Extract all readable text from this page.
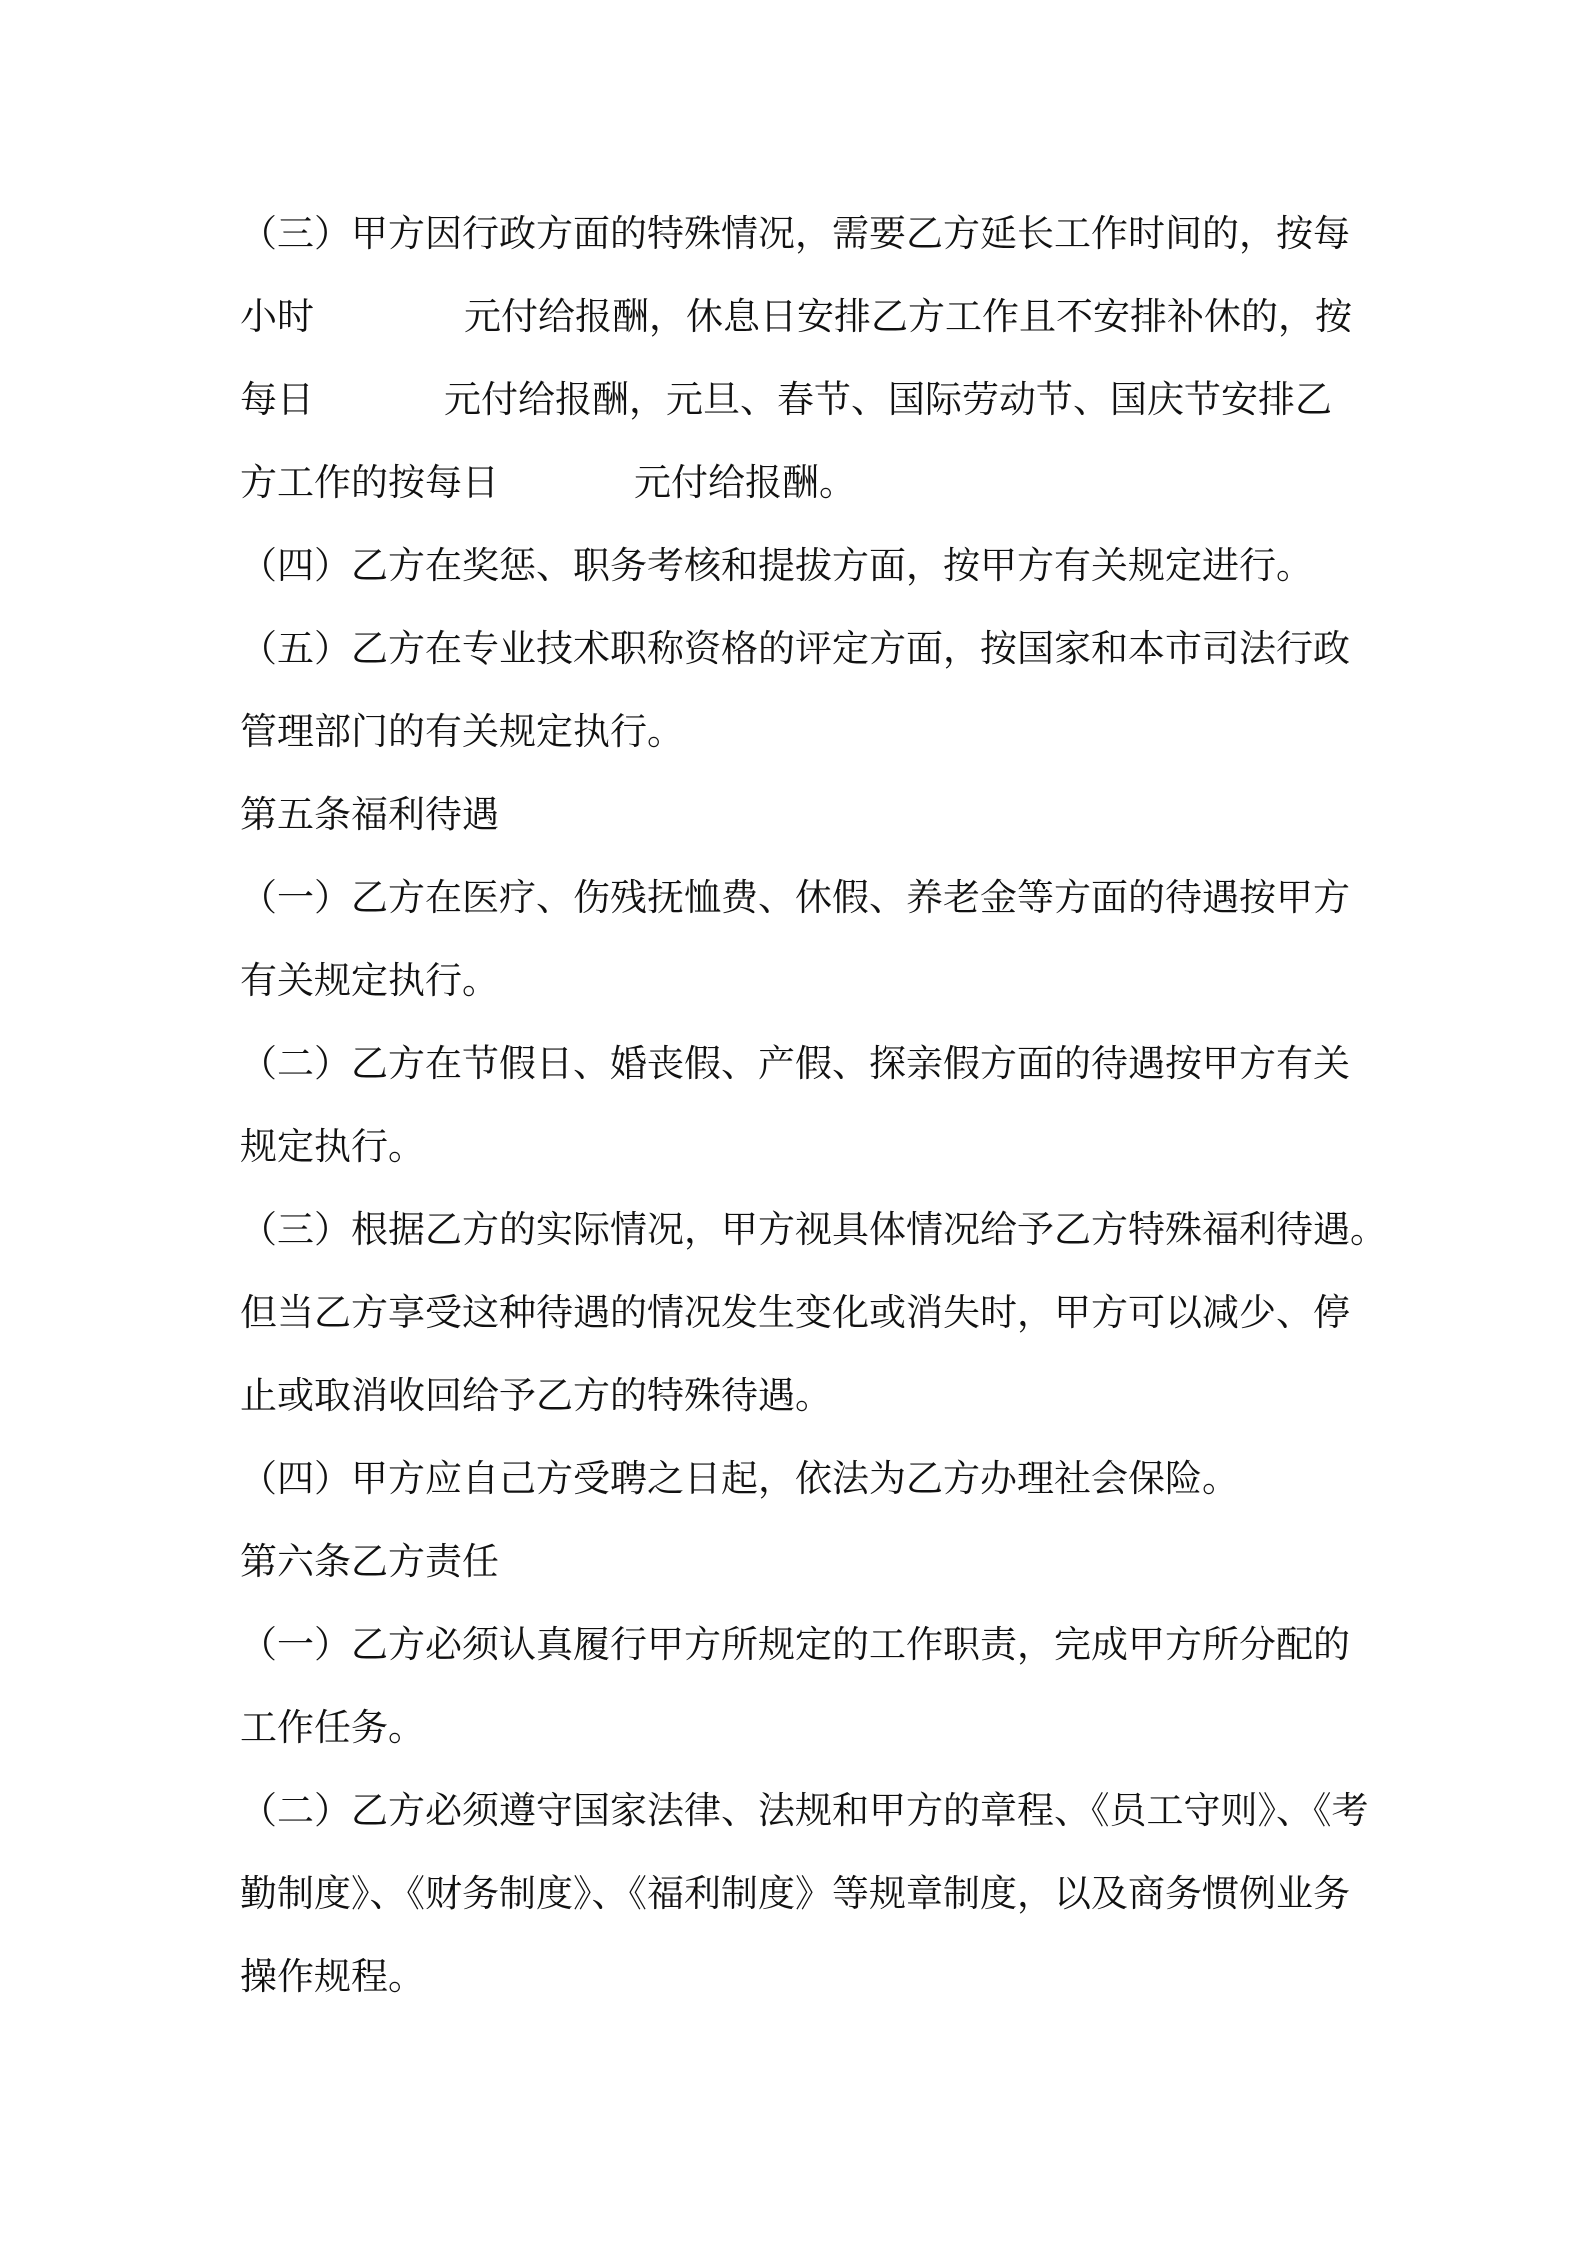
（三）甲方因行政方面的特殊情况，需要乙方延长工作时间的，按每
小时	元付给报酬，休息日安排乙方工作且不安排补休的，按
每日	元付给报酬，元旦、春节、国际劳动节、国庆节安排乙
方工作的按每日	元付给报酬。
（四）乙方在奖惩、职务考核和提拔方面，按甲方有关规定进行。
（五）乙方在专业技术职称资格的评定方面，按国家和本市司法行政
管理部门的有关规定执行。
第五条福利待遇
（一）乙方在医疗、伤残抚恤费、休假、养老金等方面的待遇按甲方
有关规定执行。
（二）乙方在节假日、婚丧假、产假、探亲假方面的待遇按甲方有关
规定执行。
（三）根据乙方的实际情况，甲方视具体情况给予乙方特殊福利待遇。
但当乙方享受这种待遇的情况发生变化或消失时，甲方可以减少、停
止或取消收回给予乙方的特殊待遇。
（四）甲方应自己方受聘之日起，依法为乙方办理社会保险。
第六条乙方责任
（一）乙方必须认真履行甲方所规定的工作职责，完成甲方所分配的
工作任务。
（二）乙方必须遵守国家法律、法规和甲方的章程、《员工守则》、《考
勤制度》、《财务制度》、《福利制度》等规章制度，以及商务惯例业务
操作规程。
